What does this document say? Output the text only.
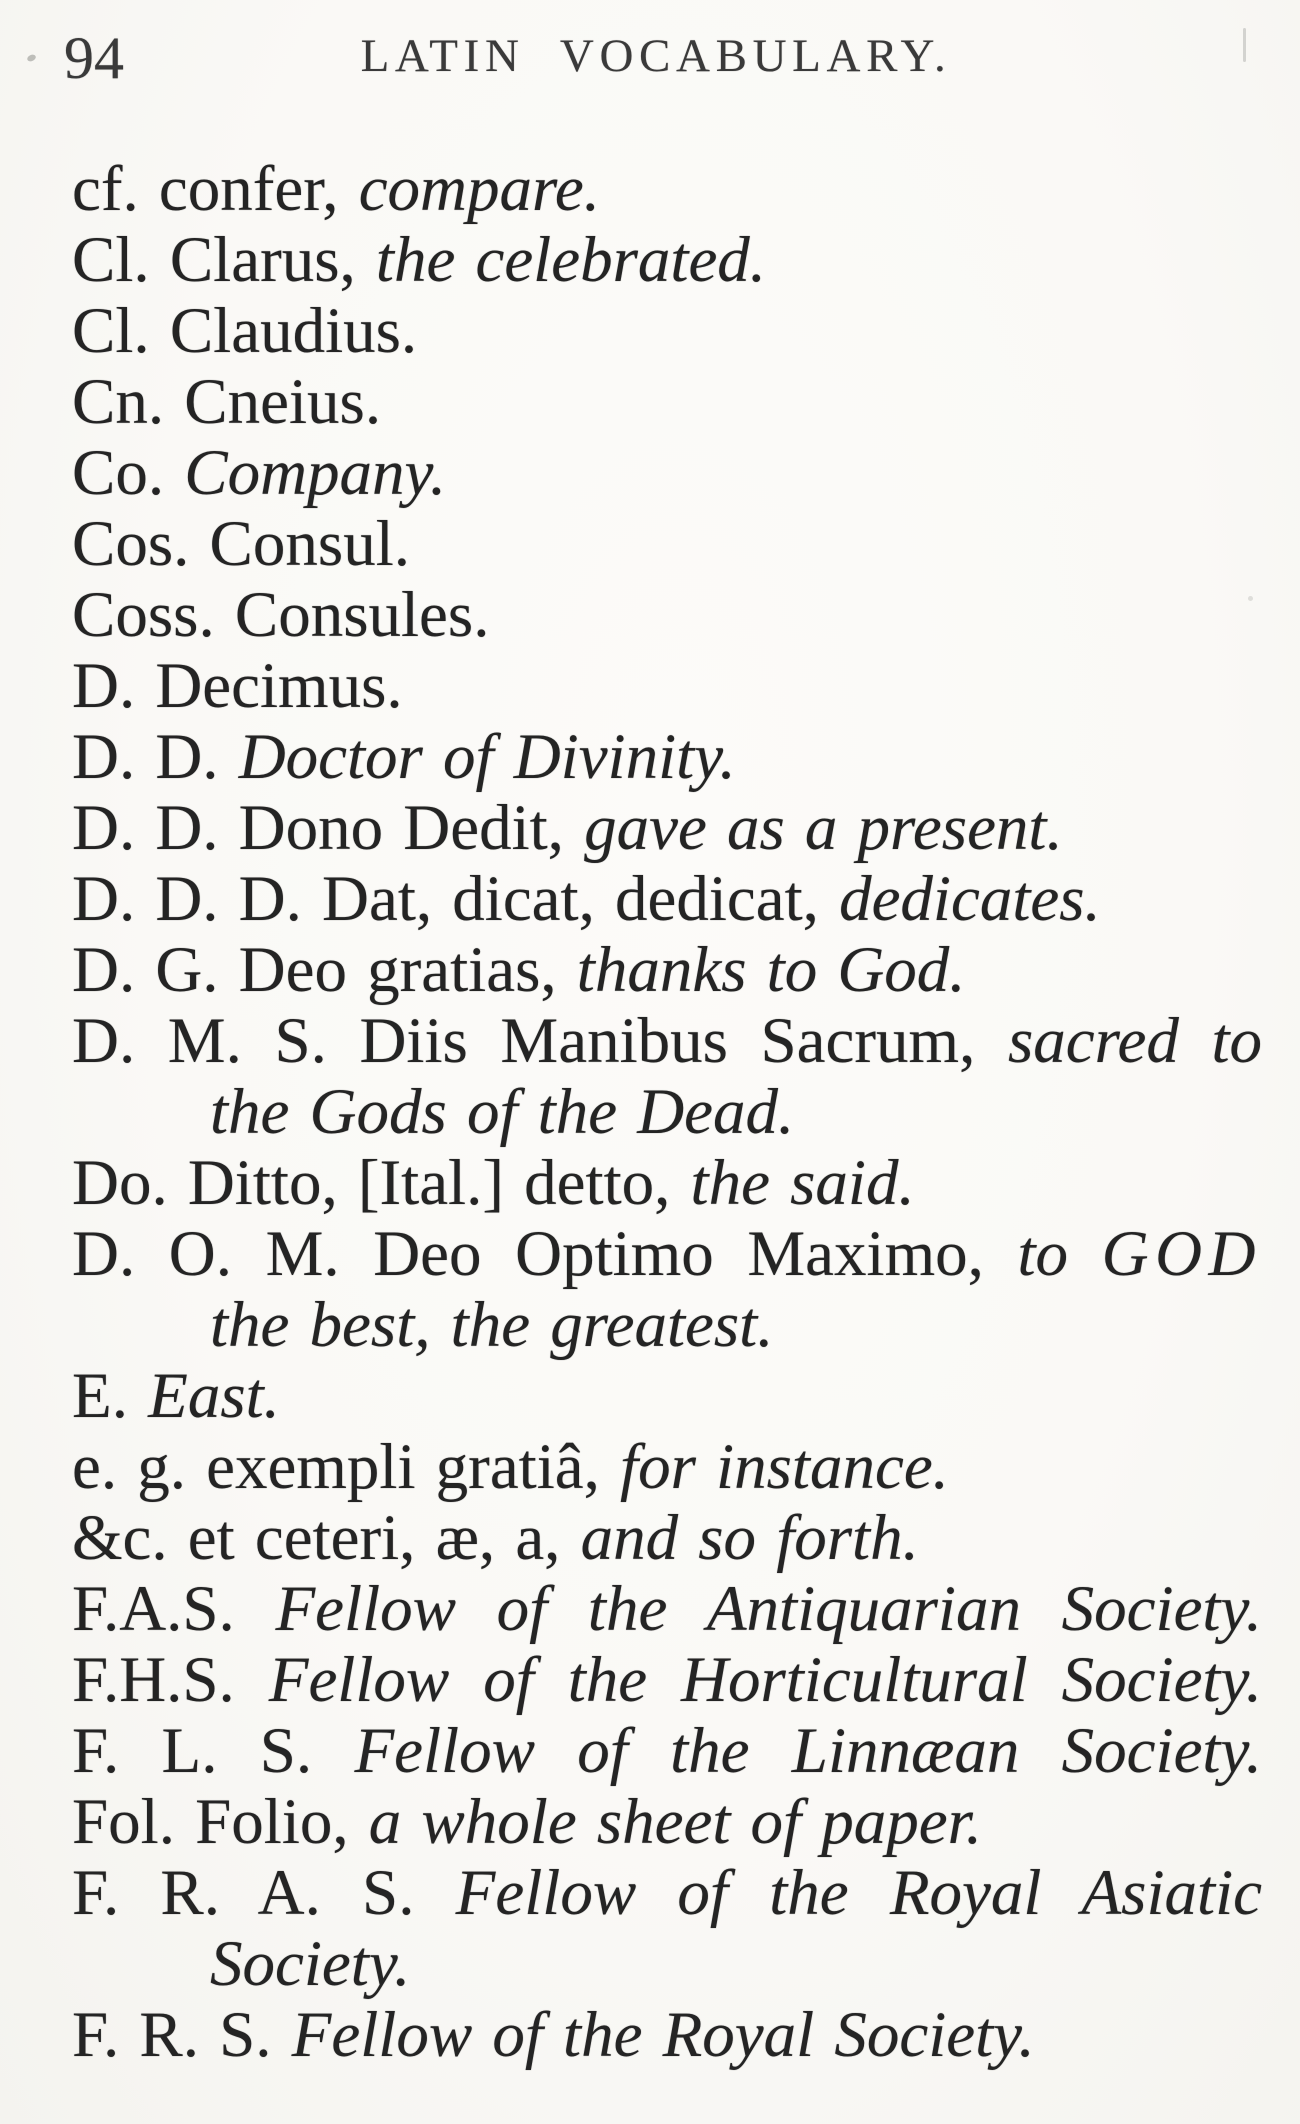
94	LATIN VOCABULARY.

cf. confer, compare.

Cl. Clarus, the celebrated.

Cl. Claudius.

Cn. Cneius.

Co. Company.

Cos. Consul.

Coss. Consules.

D. Decimus.

D. D. Doctor of Divinity.

D. D. Dono Dedit, gave as a present.

D. D. D. Dat, dicat, dedicat, dedicates.

D. G. Deo gratias, thanks to God.

D. M. S. Diis Manibus Sacrum, sacred to

the Gods of the Dead.

Do. Ditto, [Ital.] detto, the said.

D. O. M. Deo Optimo Maximo, to GOD

the best, the greatest.

E. East.

e. g. exempli gratiâ, for instance.

&c. et ceteri, æ, a, and so forth.

F.A.S. Fellow of the Antiquarian Society.

F.H.S. Fellow of the Horticultural Society.

F. L. S. Fellow of the Linnæan Society.

Fol. Folio, a whole sheet of paper.

F. R. A. S. Fellow of the Royal Asiatic

Society.

F. R. S. Fellow of the Royal Society.
